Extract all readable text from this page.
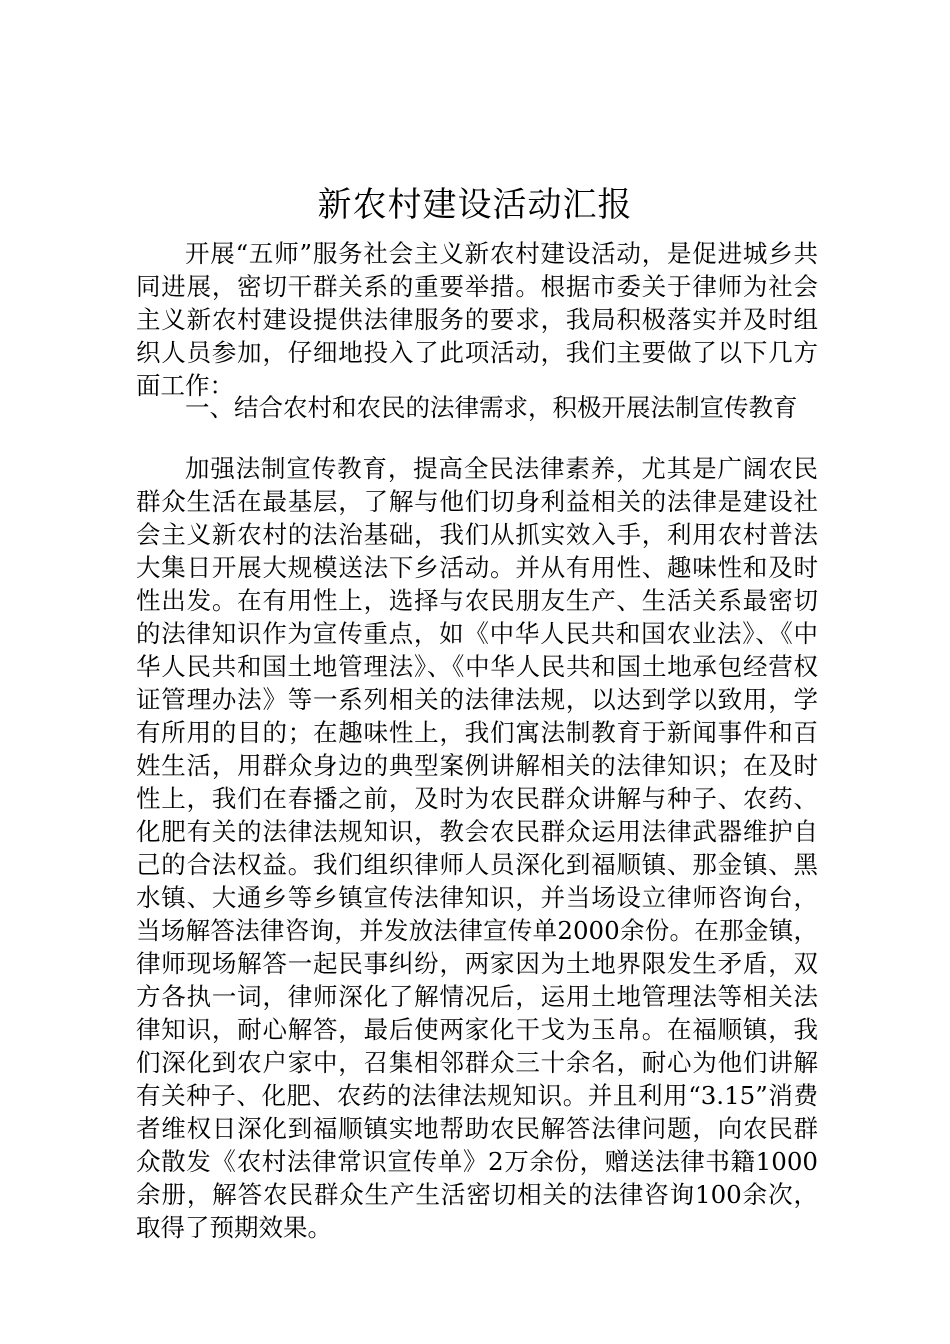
新农村建设活动汇报

开展“五师”服务社会主义新农村建设活动，是促进城乡共同进展，密切干群关系的重要举措。根据市委关于律师为社会主义新农村建设提供法律服务的要求，我局积极落实并及时组织人员参加，仔细地投入了此项活动，我们主要做了以下几方面工作：

一、结合农村和农民的法律需求，积极开展法制宣传教育

加强法制宣传教育，提高全民法律素养，尤其是广阔农民群众生活在最基层，了解与他们切身利益相关的法律是建设社会主义新农村的法治基础，我们从抓实效入手，利用农村普法大集日开展大规模送法下乡活动。并从有用性、趣味性和及时性出发。在有用性上，选择与农民朋友生产、生活关系最密切的法律知识作为宣传重点，如《中华人民共和国农业法》、《中华人民共和国土地管理法》、《中华人民共和国土地承包经营权证管理办法》等一系列相关的法律法规，以达到学以致用，学有所用的目的；在趣味性上，我们寓法制教育于新闻事件和百姓生活，用群众身边的典型案例讲解相关的法律知识；在及时性上，我们在春播之前，及时为农民群众讲解与种子、农药、化肥有关的法律法规知识，教会农民群众运用法律武器维护自己的合法权益。我们组织律师人员深化到福顺镇、那金镇、黑水镇、大通乡等乡镇宣传法律知识，并当场设立律师咨询台，当场解答法律咨询，并发放法律宣传单2000余份。在那金镇，律师现场解答一起民事纠纷，两家因为土地界限发生矛盾，双方各执一词，律师深化了解情况后，运用土地管理法等相关法律知识，耐心解答，最后使两家化干戈为玉帛。在福顺镇，我们深化到农户家中，召集相邻群众三十余名，耐心为他们讲解有关种子、化肥、农药的法律法规知识。并且利用“3.15”消费者维权日深化到福顺镇实地帮助农民解答法律问题，向农民群众散发《农村法律常识宣传单》2万余份，赠送法律书籍1000余册，解答农民群众生产生活密切相关的法律咨询100余次，取得了预期效果。
